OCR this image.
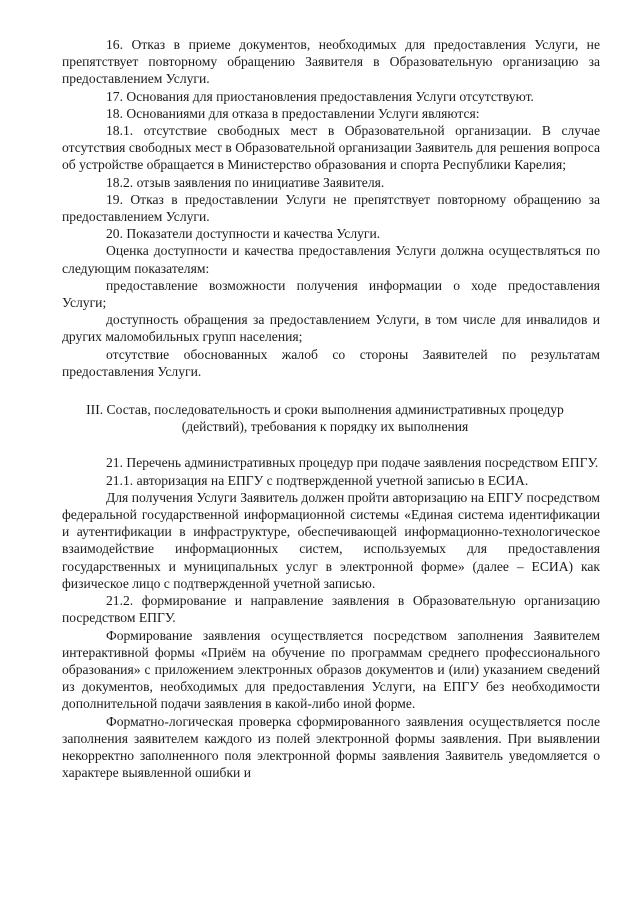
16. Отказ в приеме документов, необходимых для предоставления Услуги, не препятствует повторному обращению Заявителя в Образовательную организацию за предоставлением Услуги.

17. Основания для приостановления предоставления Услуги отсутствуют.

18. Основаниями для отказа в предоставлении Услуги являются:

18.1. отсутствие свободных мест в Образовательной организации. В случае отсутствия свободных мест в Образовательной организации Заявитель для решения вопроса об устройстве обращается в Министерство образования и спорта Республики Карелия;

18.2. отзыв заявления по инициативе Заявителя.

19. Отказ в предоставлении Услуги не препятствует повторному обращению за предоставлением Услуги.

20. Показатели доступности и качества Услуги.

Оценка доступности и качества предоставления Услуги должна осуществляться по следующим показателям:

предоставление возможности получения информации о ходе предоставления Услуги;

доступность обращения за предоставлением Услуги, в том числе для инвалидов и других маломобильных групп населения;

отсутствие обоснованных жалоб со стороны Заявителей по результатам предоставления Услуги.

III. Состав, последовательность и сроки выполнения административных процедур (действий), требования к порядку их выполнения

21. Перечень административных процедур при подаче заявления посредством ЕПГУ.

21.1. авторизация на ЕПГУ с подтвержденной учетной записью в ЕСИА.

Для получения Услуги Заявитель должен пройти авторизацию на ЕПГУ посредством федеральной государственной информационной системы «Единая система идентификации и аутентификации в инфраструктуре, обеспечивающей информационно-технологическое взаимодействие информационных систем, используемых для предоставления государственных и муниципальных услуг в электронной форме» (далее – ЕСИА) как физическое лицо с подтвержденной учетной записью.

21.2. формирование и направление заявления в Образовательную организацию посредством ЕПГУ.

Формирование заявления осуществляется посредством заполнения Заявителем интерактивной формы «Приём на обучение по программам среднего профессионального образования» с приложением электронных образов документов и (или) указанием сведений из документов, необходимых для предоставления Услуги, на ЕПГУ без необходимости дополнительной подачи заявления в какой-либо иной форме.

Форматно-логическая проверка сформированного заявления осуществляется после заполнения заявителем каждого из полей электронной формы заявления. При выявлении некорректно заполненного поля электронной формы заявления Заявитель уведомляется о характере выявленной ошибки и
